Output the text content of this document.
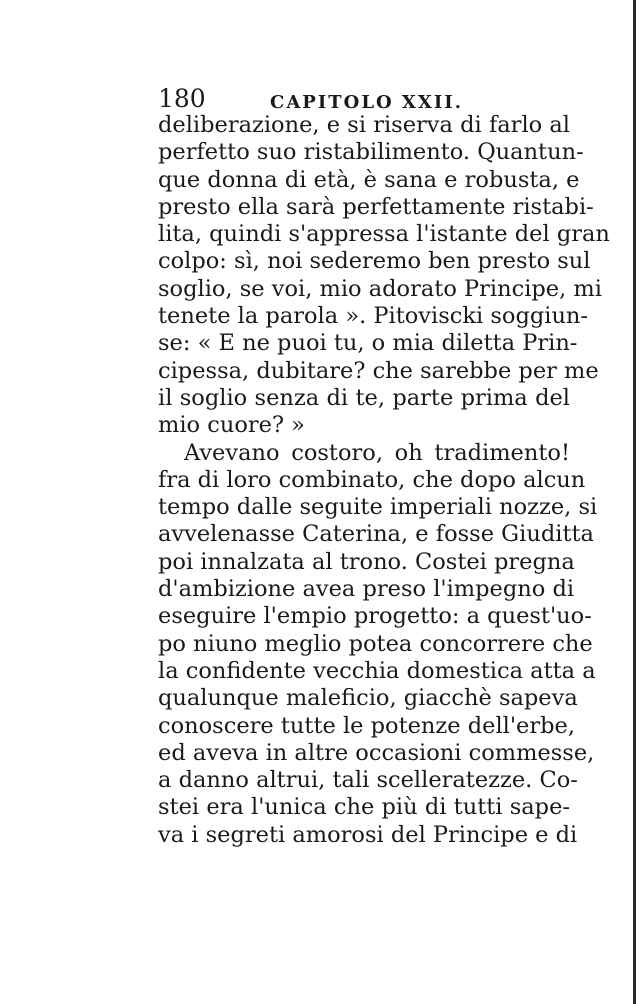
180	CAPITOLO XXII.
deliberazione, e si riserva di farlo al
perfetto suo ristabilimento. Quantun-
que donna di età, è sana e robusta, e
presto ella sarà perfettamente ristabi-
lita, quindi s'appressa l'istante del gran
colpo: sì, noi sederemo ben presto sul
soglio, se voi, mio adorato Principe, mi
tenete la parola ». Pitoviscki soggiun-
se: « E ne puoi tu, o mia diletta Prin-
cipessa, dubitare? che sarebbe per me
il soglio senza di te, parte prima del
mio cuore? »
Avevano costoro, oh tradimento!
fra di loro combinato, che dopo alcun
tempo dalle seguite imperiali nozze, si
avvelenasse Caterina, e fosse Giuditta
poi innalzata al trono. Costei pregna
d'ambizione avea preso l'impegno di
eseguire l'empio progetto: a quest'uo-
po niuno meglio potea concorrere che
la confidente vecchia domestica atta a
qualunque maleficio, giacchè sapeva
conoscere tutte le potenze dell'erbe,
ed aveva in altre occasioni commesse,
a danno altrui, tali scelleratezze. Co-
stei era l'unica che più di tutti sape-
va i segreti amorosi del Principe e di
